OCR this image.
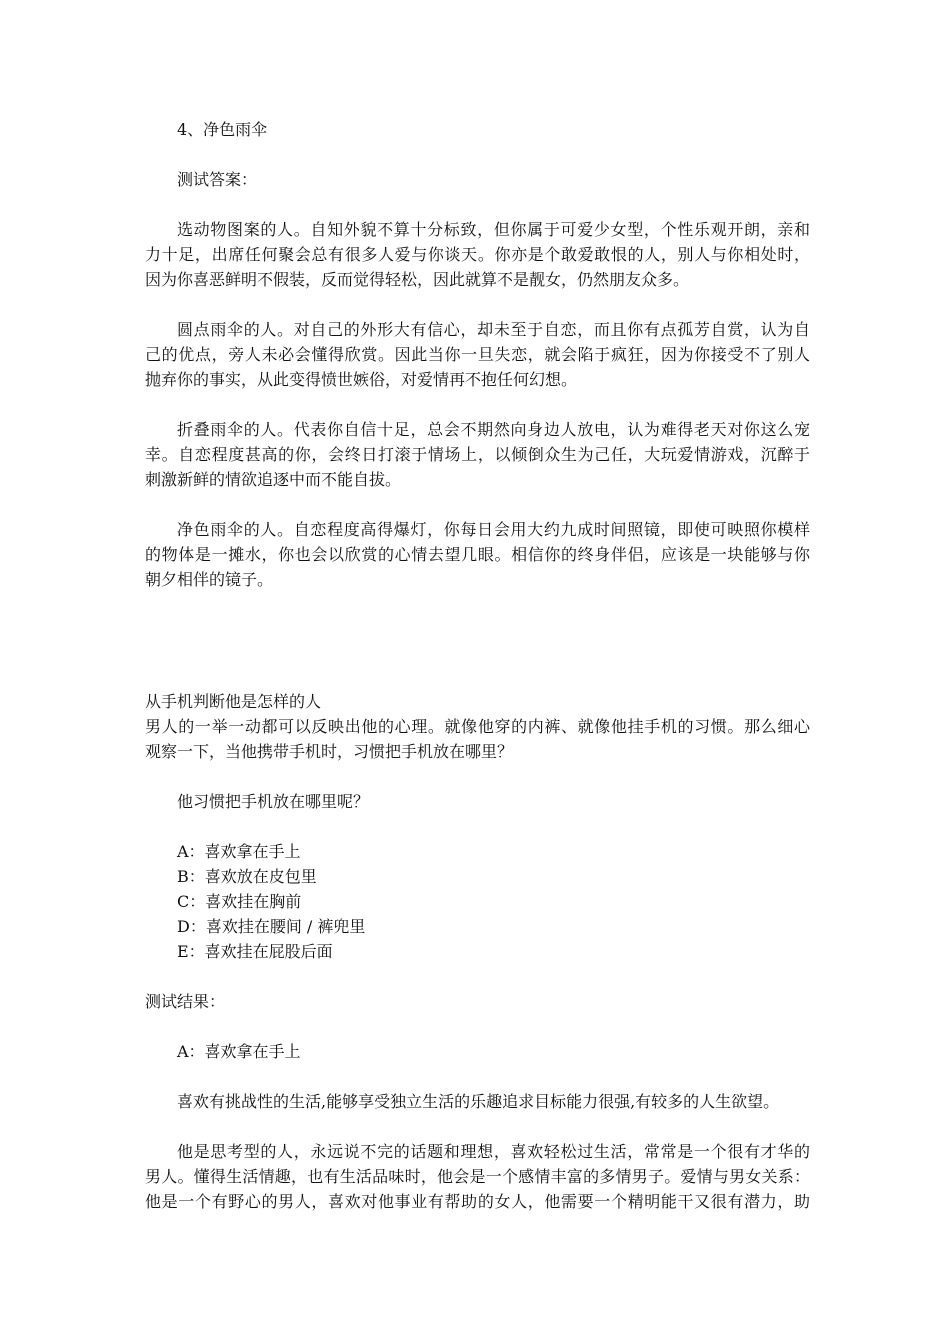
4、净色雨伞
测试答案：
选动物图案的人。自知外貌不算十分标致，但你属于可爱少女型，个性乐观开朗，亲和
力十足，出席任何聚会总有很多人爱与你谈天。你亦是个敢爱敢恨的人，别人与你相处时，
因为你喜恶鲜明不假装，反而觉得轻松，因此就算不是靓女，仍然朋友众多。
圆点雨伞的人。对自己的外形大有信心，却未至于自恋，而且你有点孤芳自赏，认为自
己的优点，旁人未必会懂得欣赏。因此当你一旦失恋，就会陷于疯狂，因为你接受不了别人
抛弃你的事实，从此变得愤世嫉俗，对爱情再不抱任何幻想。
折叠雨伞的人。代表你自信十足，总会不期然向身边人放电，认为难得老天对你这么宠
幸。自恋程度甚高的你，会终日打滚于情场上，以倾倒众生为己任，大玩爱情游戏，沉醉于
刺激新鲜的情欲追逐中而不能自拔。
净色雨伞的人。自恋程度高得爆灯，你每日会用大约九成时间照镜，即使可映照你模样
的物体是一摊水，你也会以欣赏的心情去望几眼。相信你的终身伴侣，应该是一块能够与你
朝夕相伴的镜子。
从手机判断他是怎样的人
男人的一举一动都可以反映出他的心理。就像他穿的内裤、就像他挂手机的习惯。那么细心
观察一下，当他携带手机时，习惯把手机放在哪里？
他习惯把手机放在哪里呢？
A：喜欢拿在手上
B：喜欢放在皮包里
C：喜欢挂在胸前
D：喜欢挂在腰间 / 裤兜里
E：喜欢挂在屁股后面
测试结果：
A：喜欢拿在手上
喜欢有挑战性的生活,能够享受独立生活的乐趣追求目标能力很强,有较多的人生欲望。
他是思考型的人，永远说不完的话题和理想，喜欢轻松过生活，常常是一个很有才华的
男人。懂得生活情趣，也有生活品味时，他会是一个感情丰富的多情男子。爱情与男女关系：
他是一个有野心的男人，喜欢对他事业有帮助的女人，他需要一个精明能干又很有潜力，助
